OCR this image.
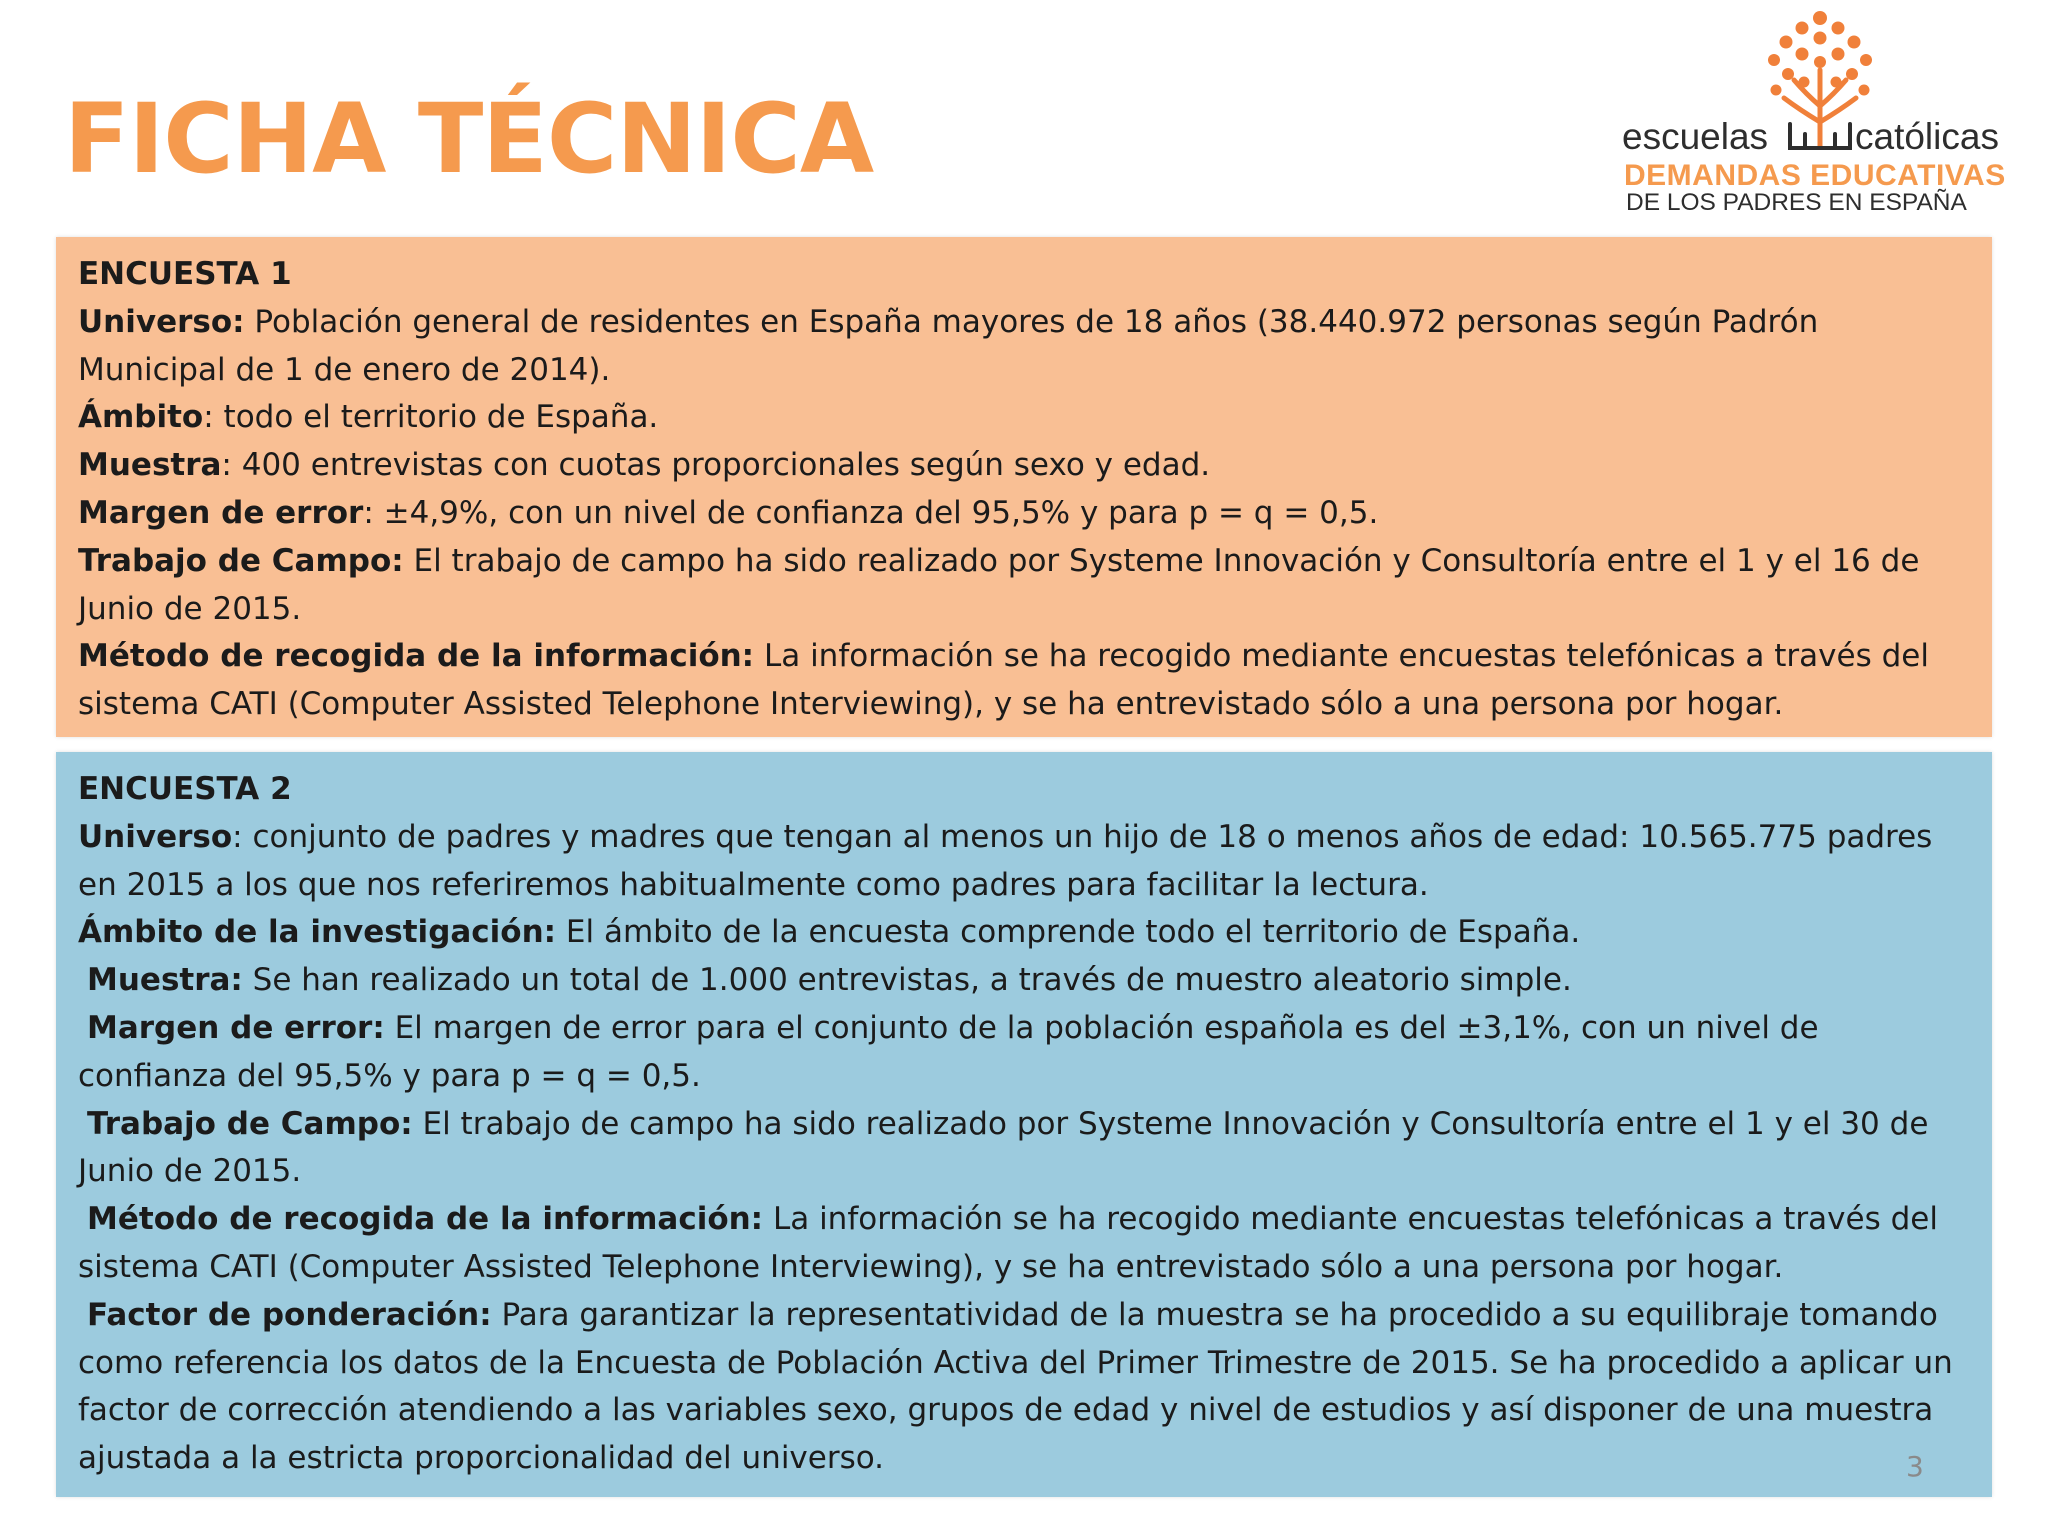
FICHA TÉCNICA	escuelas católicas
DEMANDAS EDUCATIVAS
DE LOS PADRES EN ESPAÑA

ENCUESTA 1

Universo: Población general de residentes en España mayores de 18 años (38.440.972 personas según Padrón Municipal de 1 de enero de 2014).

Ámbito: todo el territorio de España.

Muestra: 400 entrevistas con cuotas proporcionales según sexo y edad.

Margen de error: ±4,9%, con un nivel de confianza del 95,5% y para p = q = 0,5.

Trabajo de Campo: El trabajo de campo ha sido realizado por Systeme Innovación y Consultoría entre el 1 y el 16 de Junio de 2015.

Método de recogida de la información: La información se ha recogido mediante encuestas telefónicas a través del sistema CATI (Computer Assisted Telephone Interviewing), y se ha entrevistado sólo a una persona por hogar.

ENCUESTA 2

Universo: conjunto de padres y madres que tengan al menos un hijo de 18 o menos años de edad: 10.565.775 padres en 2015 a los que nos referiremos habitualmente como padres para facilitar la lectura.

Ámbito de la investigación: El ámbito de la encuesta comprende todo el territorio de España.

Muestra: Se han realizado un total de 1.000 entrevistas, a través de muestro aleatorio simple.

Margen de error: El margen de error para el conjunto de la población española es del ±3,1%, con un nivel de confianza del 95,5% y para p = q = 0,5.

Trabajo de Campo: El trabajo de campo ha sido realizado por Systeme Innovación y Consultoría entre el 1 y el 30 de Junio de 2015.

Método de recogida de la información: La información se ha recogido mediante encuestas telefónicas a través del sistema CATI (Computer Assisted Telephone Interviewing), y se ha entrevistado sólo a una persona por hogar.

Factor de ponderación: Para garantizar la representatividad de la muestra se ha procedido a su equilibraje tomando como referencia los datos de la Encuesta de Población Activa del Primer Trimestre de 2015. Se ha procedido a aplicar un factor de corrección atendiendo a las variables sexo, grupos de edad y nivel de estudios y así disponer de una muestra ajustada a la estricta proporcionalidad del universo.	3
